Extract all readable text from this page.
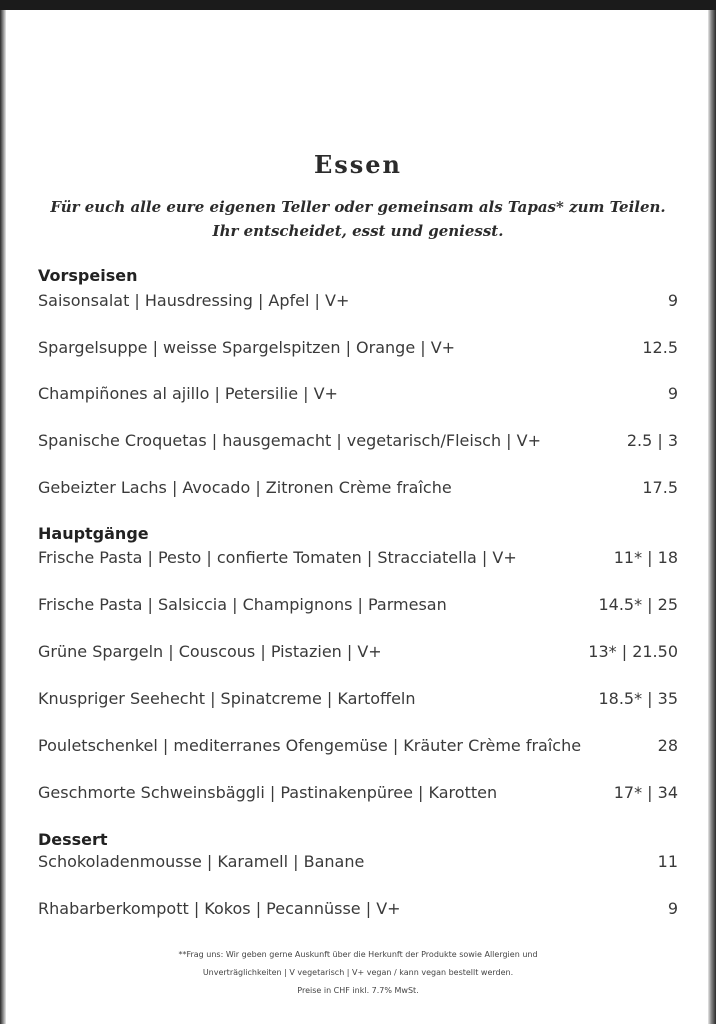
Essen
Für euch alle eure eigenen Teller oder gemeinsam als Tapas* zum Teilen.
Ihr entscheidet, esst und geniesst.
Vorspeisen
Saisonsalat | Hausdressing | Apfel | V+	9
Spargelsuppe | weisse Spargelspitzen | Orange | V+	12.5
Champiñones al ajillo | Petersilie | V+	9
Spanische Croquetas | hausgemacht | vegetarisch/Fleisch | V+	2.5 | 3
Gebeizter Lachs | Avocado | Zitronen Crème fraîche	17.5
Hauptgänge
Frische Pasta | Pesto | confierte Tomaten | Stracciatella | V+	11* | 18
Frische Pasta | Salsiccia | Champignons | Parmesan	14.5* | 25
Grüne Spargeln | Couscous | Pistazien | V+	13* | 21.50
Knuspriger Seehecht | Spinatcreme | Kartoffeln	18.5* | 35
Pouletschenkel | mediterranes Ofengemüse | Kräuter Crème fraîche	28
Geschmorte Schweinsbäggli | Pastinakenpüree | Karotten	17* | 34
Dessert
Schokoladenmousse | Karamell | Banane	11
Rhabarberkompott | Kokos | Pecannüsse | V+	9
**Frag uns: Wir geben gerne Auskunft über die Herkunft der Produkte sowie Allergien und
Unverträglichkeiten | V vegetarisch | V+ vegan / kann vegan bestellt werden.
Preise in CHF inkl. 7.7% MwSt.
